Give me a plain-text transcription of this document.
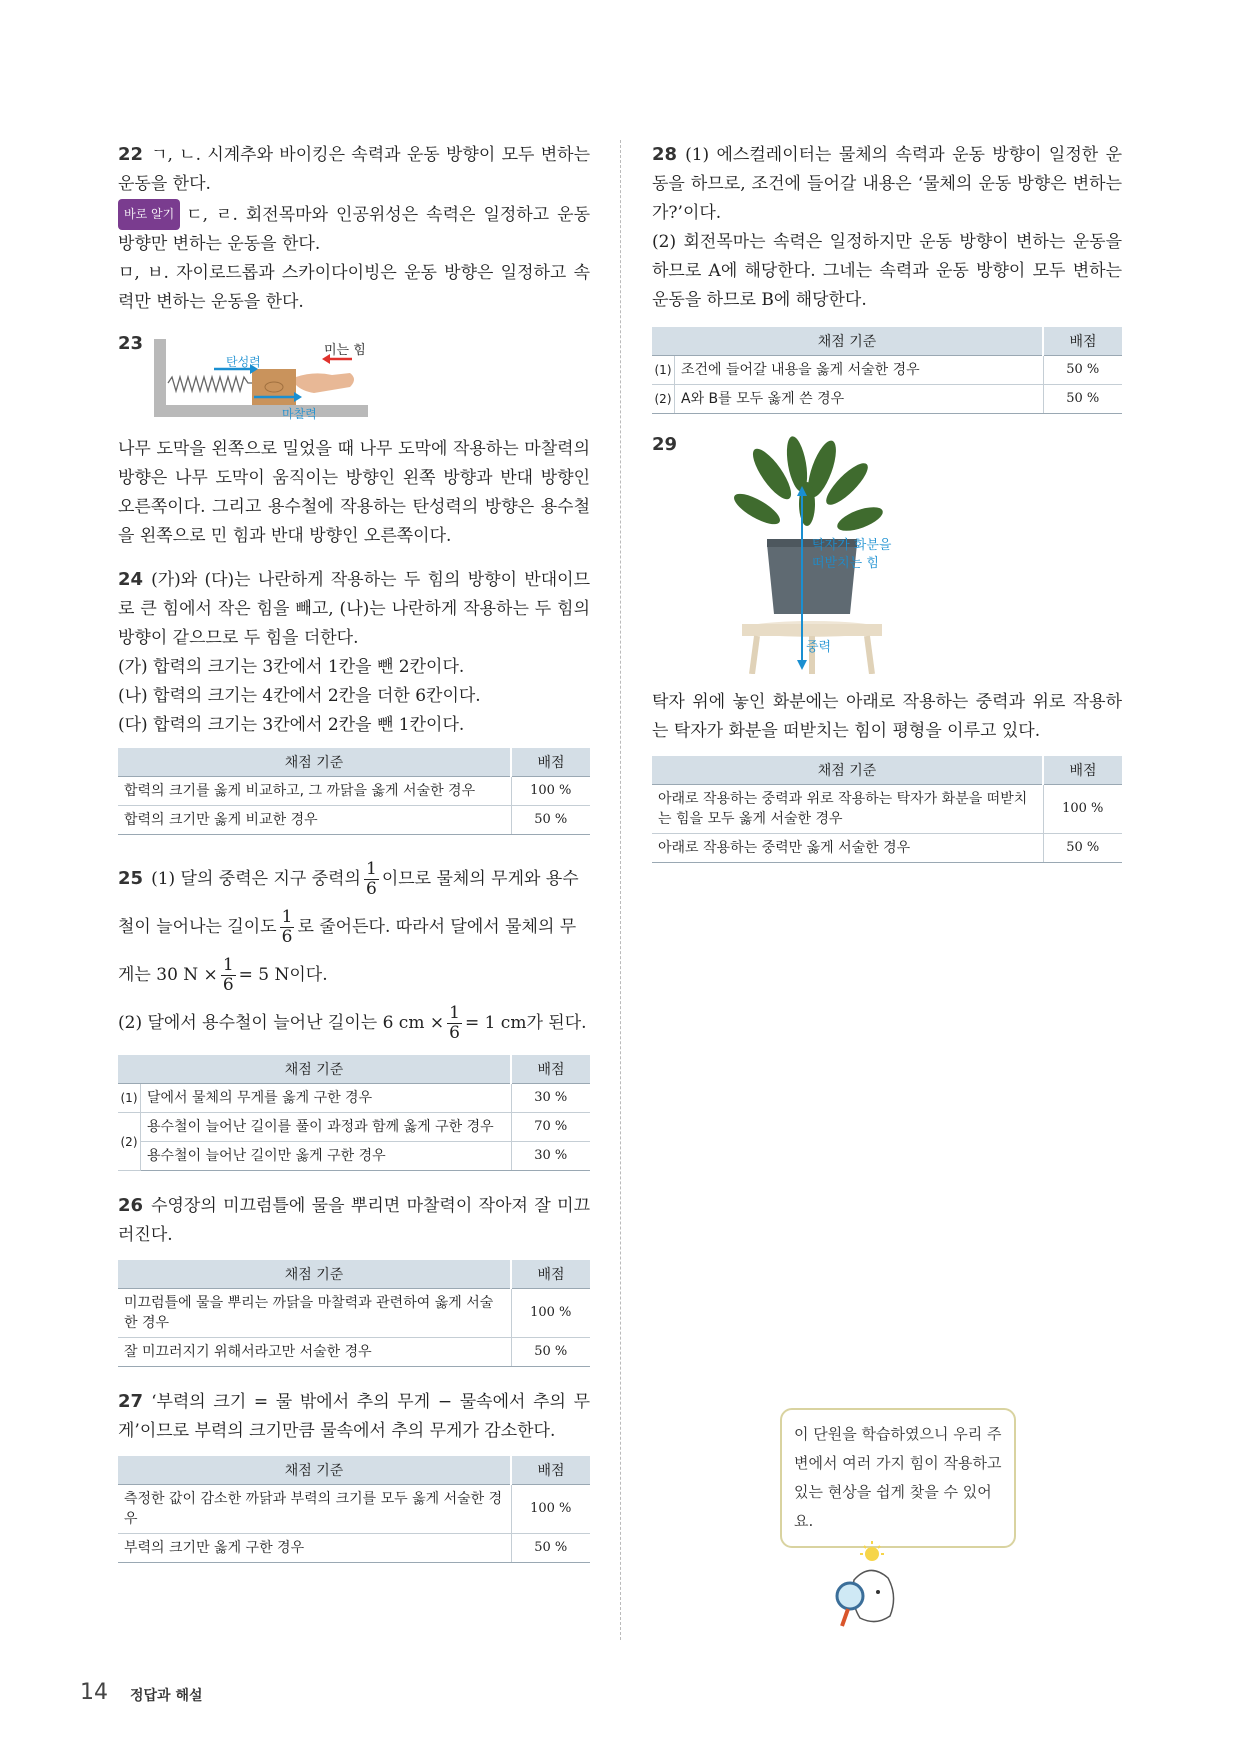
22 ㄱ, ㄴ. 시계추와 바이킹은 속력과 운동 방향이 모두 변하는 운동을 한다.

바로 알기 ㄷ, ㄹ. 회전목마와 인공위성은 속력은 일정하고 운동 방향만 변하는 운동을 한다.

ㅁ, ㅂ. 자이로드롭과 스카이다이빙은 운동 방향은 일정하고 속력만 변하는 운동을 한다.

23
탄성력
마찰력
미는 힘

나무 도막을 왼쪽으로 밀었을 때 나무 도막에 작용하는 마찰력의 방향은 나무 도막이 움직이는 방향인 왼쪽 방향과 반대 방향인 오른쪽이다. 그리고 용수철에 작용하는 탄성력의 방향은 용수철을 왼쪽으로 민 힘과 반대 방향인 오른쪽이다.

24 (가)와 (다)는 나란하게 작용하는 두 힘의 방향이 반대이므로 큰 힘에서 작은 힘을 빼고, (나)는 나란하게 작용하는 두 힘의 방향이 같으므로 두 힘을 더한다.

(가) 합력의 크기는 3칸에서 1칸을 뺀 2칸이다.

(나) 합력의 크기는 4칸에서 2칸을 더한 6칸이다.

(다) 합력의 크기는 3칸에서 2칸을 뺀 1칸이다.

채점 기준	배점
합력의 크기를 옳게 비교하고, 그 까닭을 옳게 서술한 경우	100 %
합력의 크기만 옳게 비교한 경우	50 %

25 (1) 달의 중력은 지구 중력의 $\frac{1}{6}$ 이므로 물체의 무게와 용수

철이 늘어나는 길이도 $\frac{1}{6}$ 로 줄어든다. 따라서 달에서 물체의 무

게는 30 $N \times \frac{1}{6} = 5$ N이다.

(2) 달에서 용수철이 늘어난 길이는 6 cm × $\frac{1}{6} = 1$ cm가 된다.

채점 기준		배점
(1)	달에서 물체의 무게를 옳게 구한 경우	30 %
(2)	용수철이 늘어난 길이를 풀이 과정과 함께 옳게 구한 경우	70 %
	용수철이 늘어난 길이만 옳게 구한 경우	30 %

26 수영장의 미끄럼틀에 물을 뿌리면 마찰력이 작아져 잘 미끄러진다.

채점 기준	배점
미끄럼틀에 물을 뿌리는 까닭을 마찰력과 관련하여 옳게 서술한 경우	100 %
잘 미끄러지기 위해서라고만 서술한 경우	50 %

27 ‘부력의 크기 = 물 밖에서 추의 무게 − 물속에서 추의 무게’이므로 부력의 크기만큼 물속에서 추의 무게가 감소한다.

채점 기준	배점
측정한 값이 감소한 까닭과 부력의 크기를 모두 옳게 서술한 경우	100 %
부력의 크기만 옳게 구한 경우	50 %

28 (1) 에스컬레이터는 물체의 속력과 운동 방향이 일정한 운동을 하므로, 조건에 들어갈 내용은 ‘물체의 운동 방향은 변하는가?’이다.

(2) 회전목마는 속력은 일정하지만 운동 방향이 변하는 운동을 하므로 A에 해당한다. 그네는 속력과 운동 방향이 모두 변하는 운동을 하므로 B에 해당한다.

채점 기준		배점
(1)	조건에 들어갈 내용을 옳게 서술한 경우	50 %
(2)	A와 B를 모두 옳게 쓴 경우	50 %
29
탁자가 화분을
떠받치는 힘
중력

탁자 위에 놓인 화분에는 아래로 작용하는 중력과 위로 작용하는 탁자가 화분을 떠받치는 힘이 평형을 이루고 있다.

채점 기준	배점
아래로 작용하는 중력과 위로 작용하는 탁자가 화분을 떠받치는 힘을 모두 옳게 서술한 경우	100 %
아래로 작용하는 중력만 옳게 서술한 경우	50 %
이 단원을 학습하였으니 우리 주변에서 여러 가지 힘이 작용하고 있는 현상을 쉽게 찾을 수 있어요.
14 정답과 해설
